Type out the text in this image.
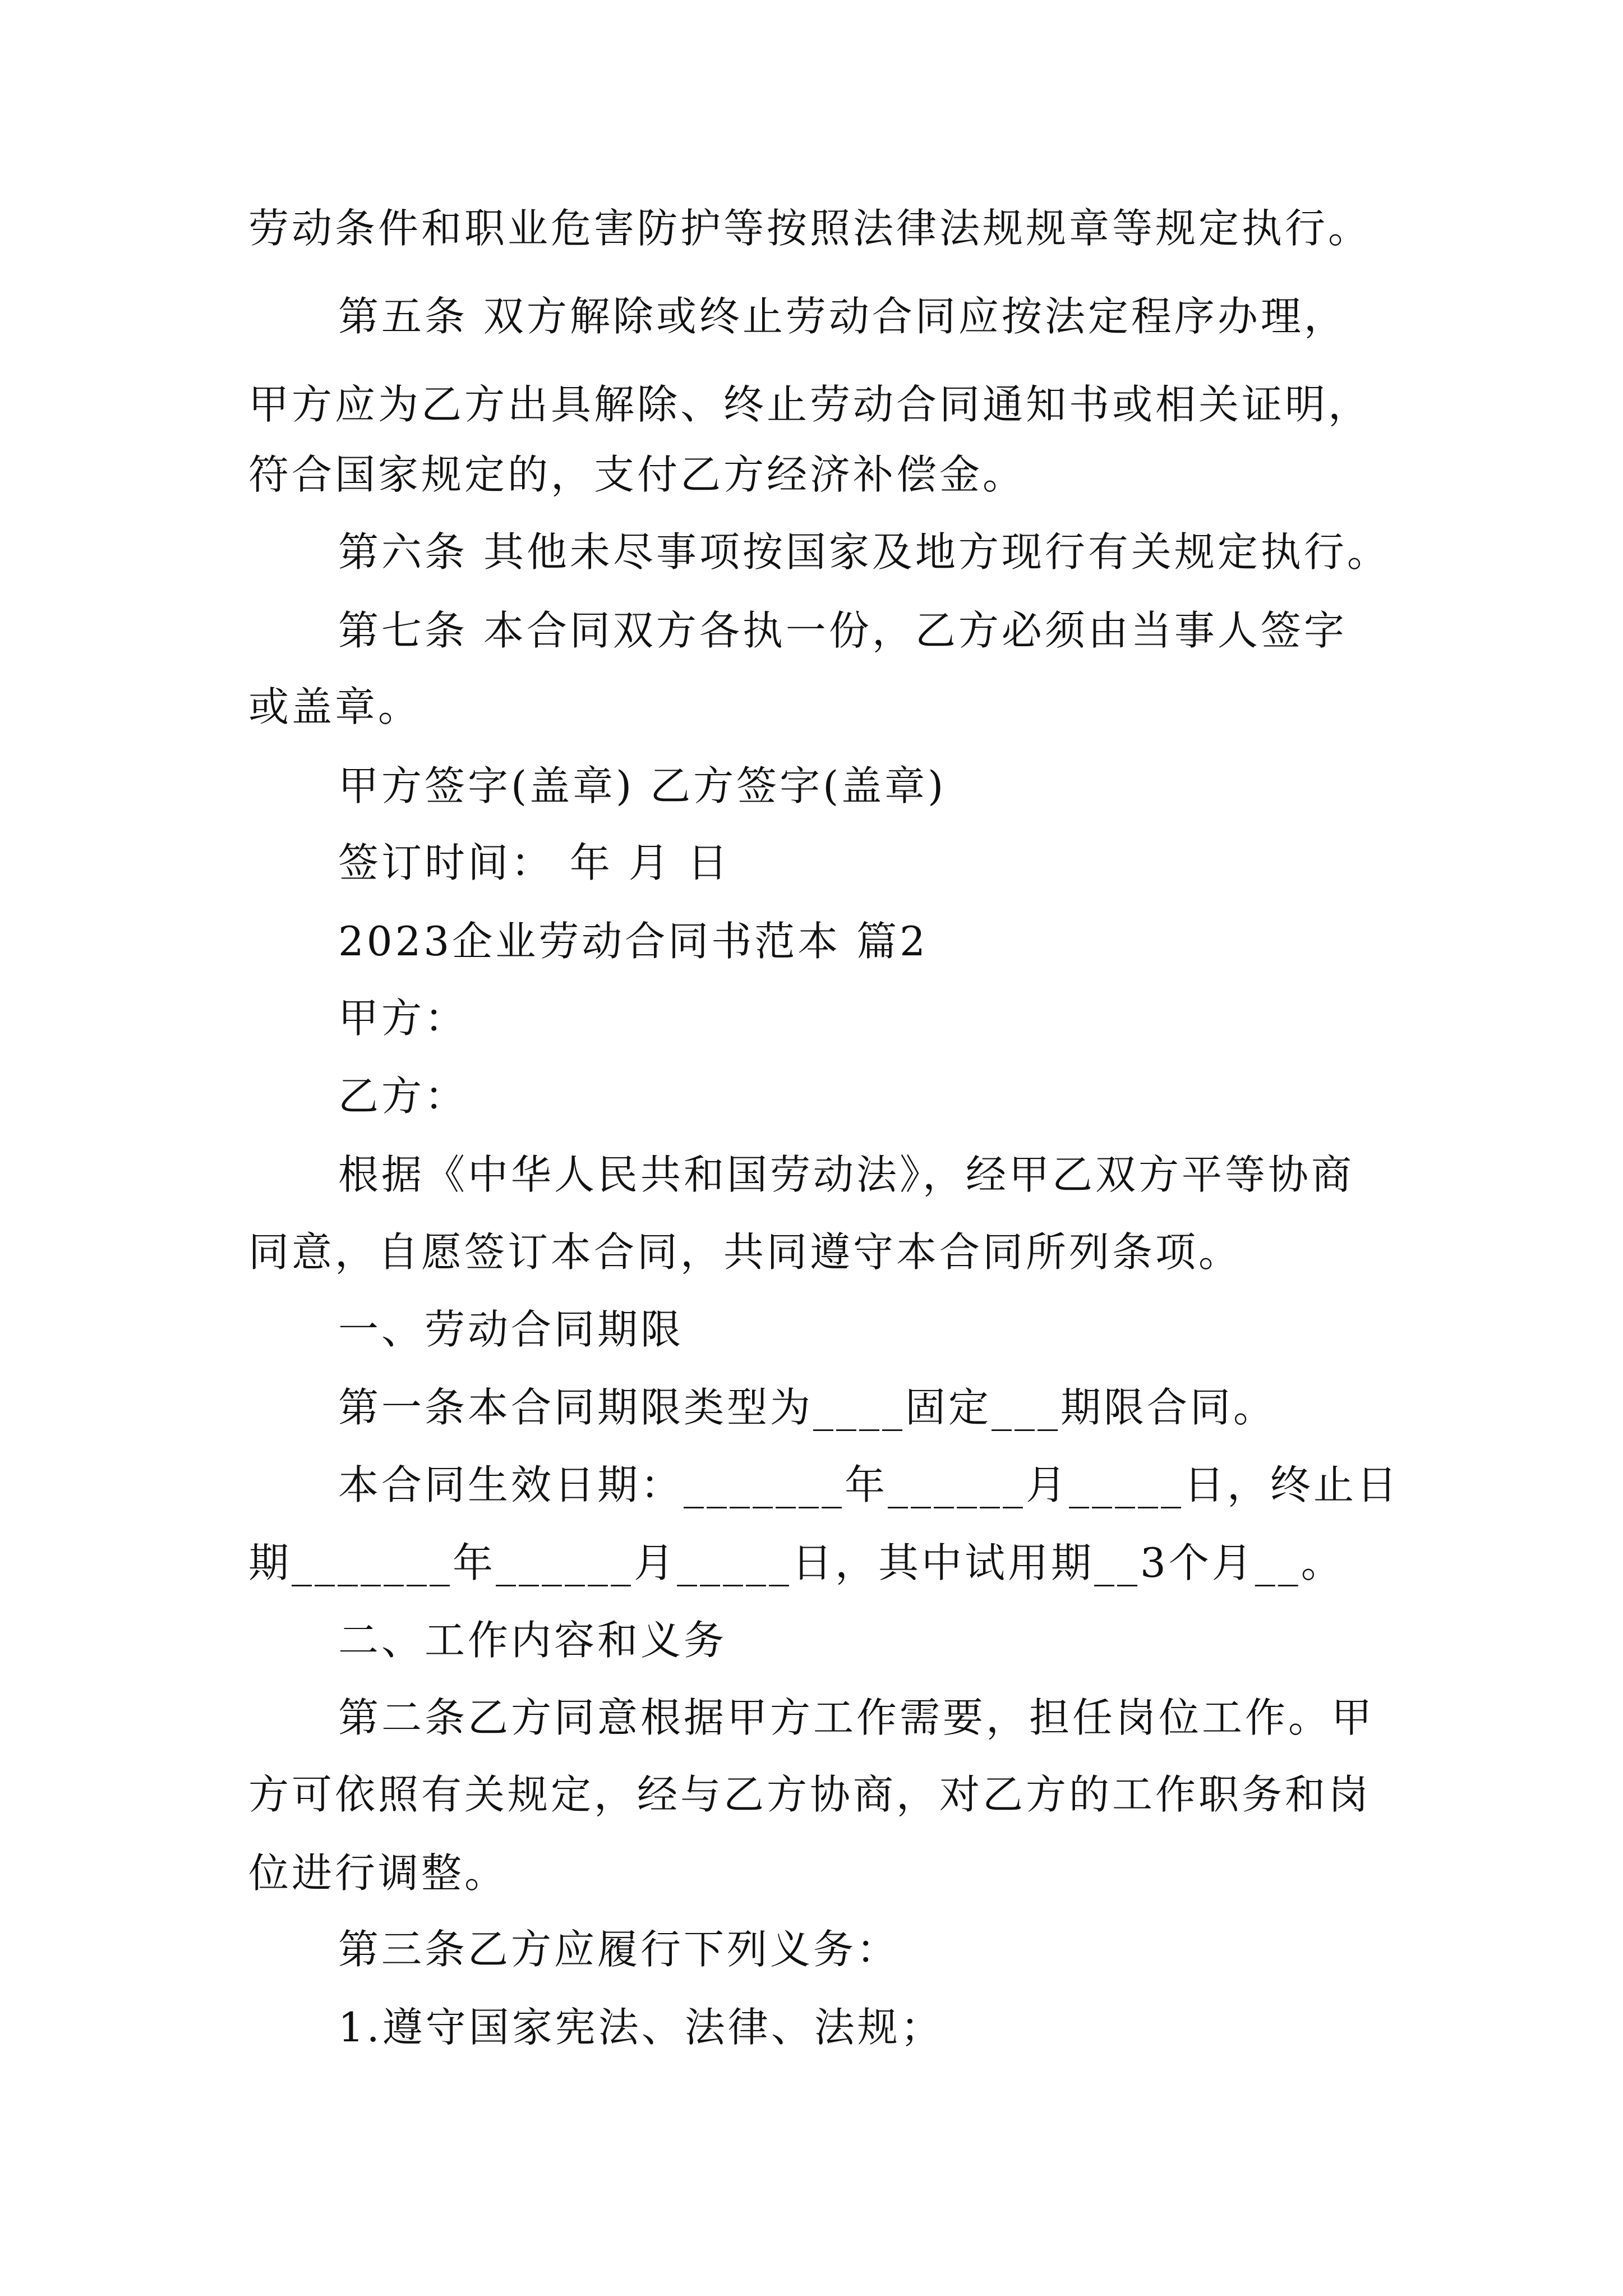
劳动条件和职业危害防护等按照法律法规规章等规定执行。
第五条 双方解除或终止劳动合同应按法定程序办理，
甲方应为乙方出具解除、终止劳动合同通知书或相关证明，
符合国家规定的，支付乙方经济补偿金。
第六条 其他未尽事项按国家及地方现行有关规定执行。
第七条 本合同双方各执一份，乙方必须由当事人签字
或盖章。
甲方签字(盖章) 乙方签字(盖章)
签订时间： 年 月 日
2023企业劳动合同书范本 篇2
甲方：
乙方：
根据《中华人民共和国劳动法》，经甲乙双方平等协商
同意，自愿签订本合同，共同遵守本合同所列条项。
一、劳动合同期限
第一条本合同期限类型为____固定___期限合同。
本合同生效日期：_______年______月_____日，终止日
期_______年______月_____日，其中试用期__3个月__。
二、工作内容和义务
第二条乙方同意根据甲方工作需要，担任岗位工作。甲
方可依照有关规定，经与乙方协商，对乙方的工作职务和岗
位进行调整。
第三条乙方应履行下列义务：
1.遵守国家宪法、法律、法规；
